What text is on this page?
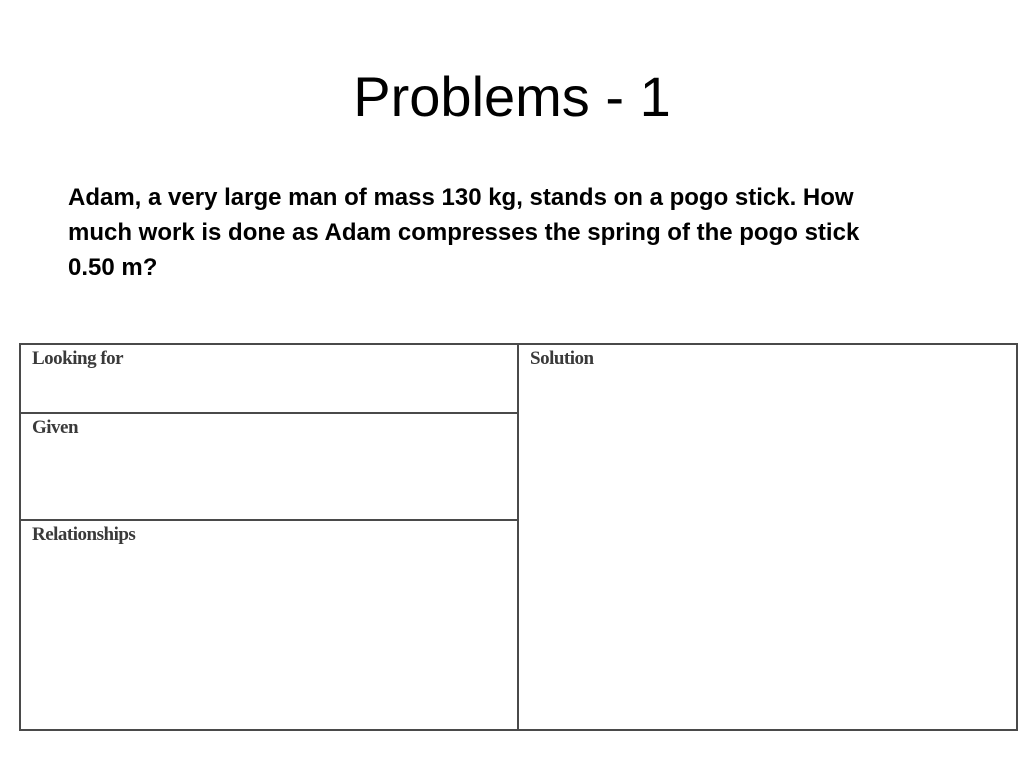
Problems - 1

Adam, a very large man of mass 130 kg, stands on a pogo stick. How much work is done as Adam compresses the spring of the pogo stick 0.50 m?

Looking for
Given
Relationships
Solution
